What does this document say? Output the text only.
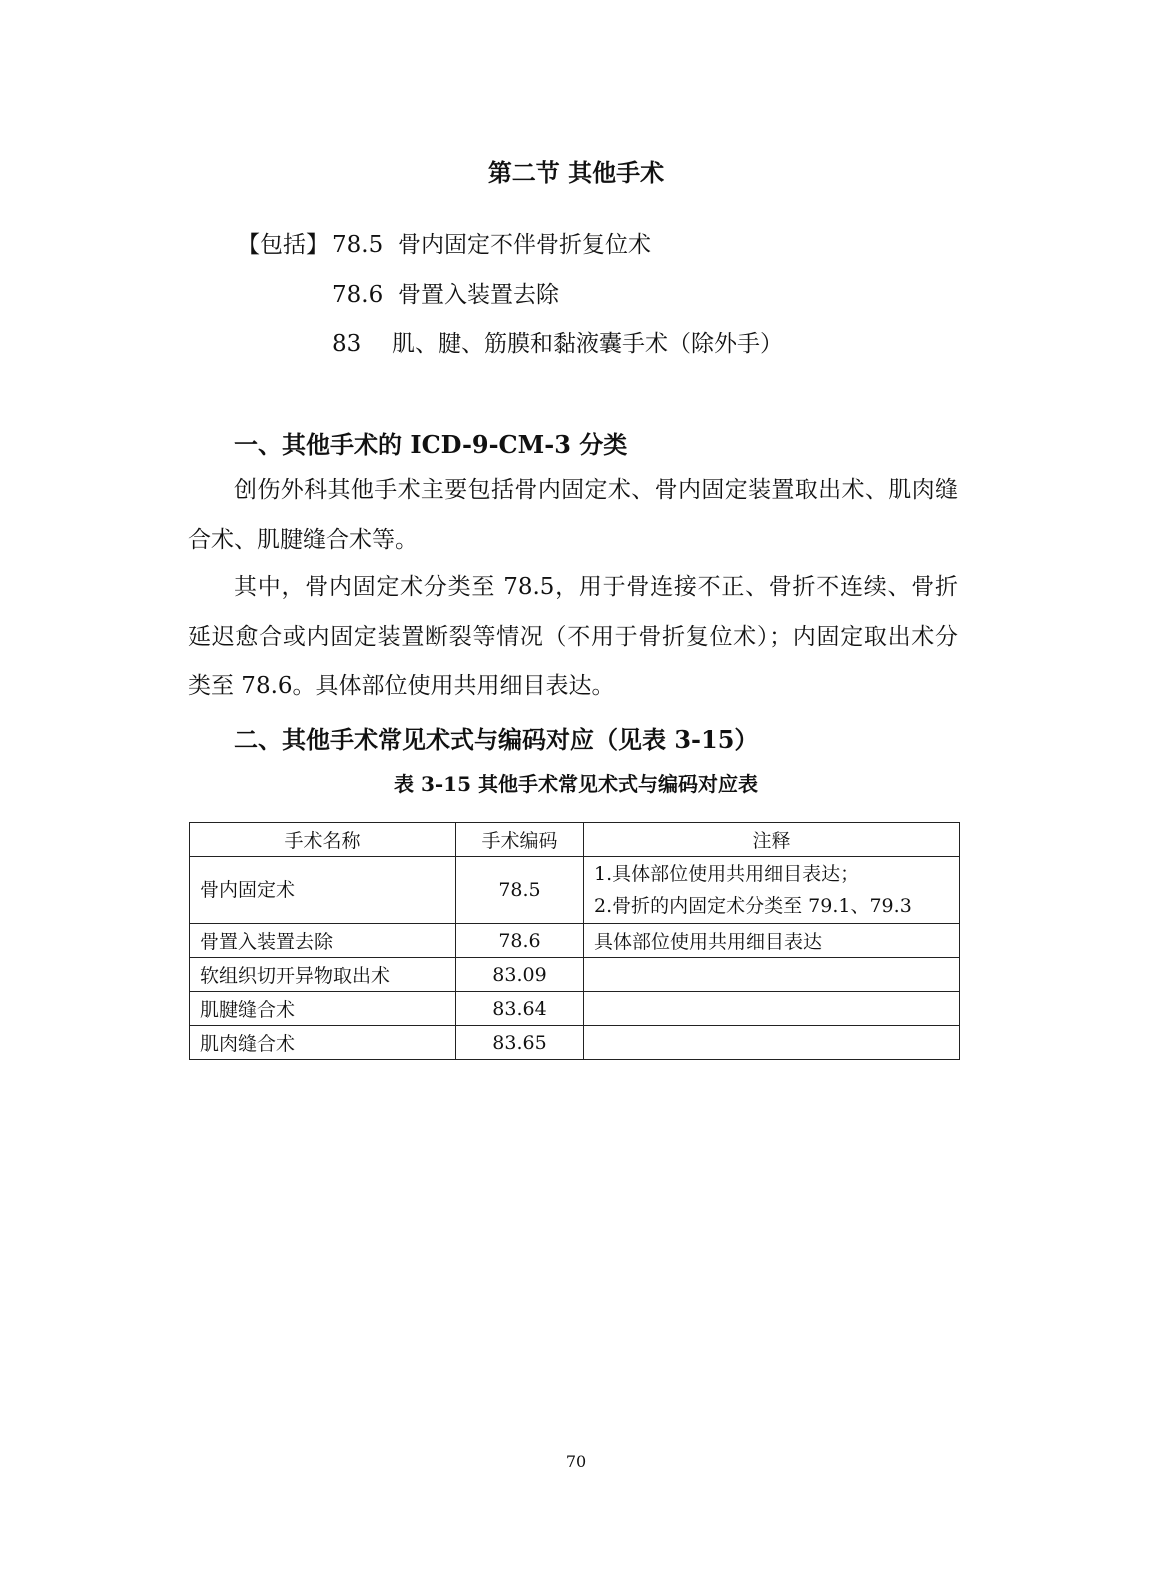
第二节 其他手术
【包括】 78.5 骨内固定不伴骨折复位术
78.6 骨置入装置去除
83 肌、腱、筋膜和黏液囊手术（除外手）
一、其他手术的 ICD-9-CM-3 分类
创伤外科其他手术主要包括骨内固定术、骨内固定装置取出术、肌肉缝合术、肌腱缝合术等。
其中，骨内固定术分类至 78.5，用于骨连接不正、骨折不连续、骨折延迟愈合或内固定装置断裂等情况（不用于骨折复位术）；内固定取出术分类至 78.6。具体部位使用共用细目表达。
二、其他手术常见术式与编码对应（见表 3-15）
表 3-15 其他手术常见术式与编码对应表
手术名称	手术编码	注释
骨内固定术	78.5	1.具体部位使用共用细目表达；
2.骨折的内固定术分类至 79.1、79.3

骨置入装置去除	78.6	具体部位使用共用细目表达
软组织切开异物取出术	83.09	
肌腱缝合术	83.64	
肌肉缝合术	83.65	
70
